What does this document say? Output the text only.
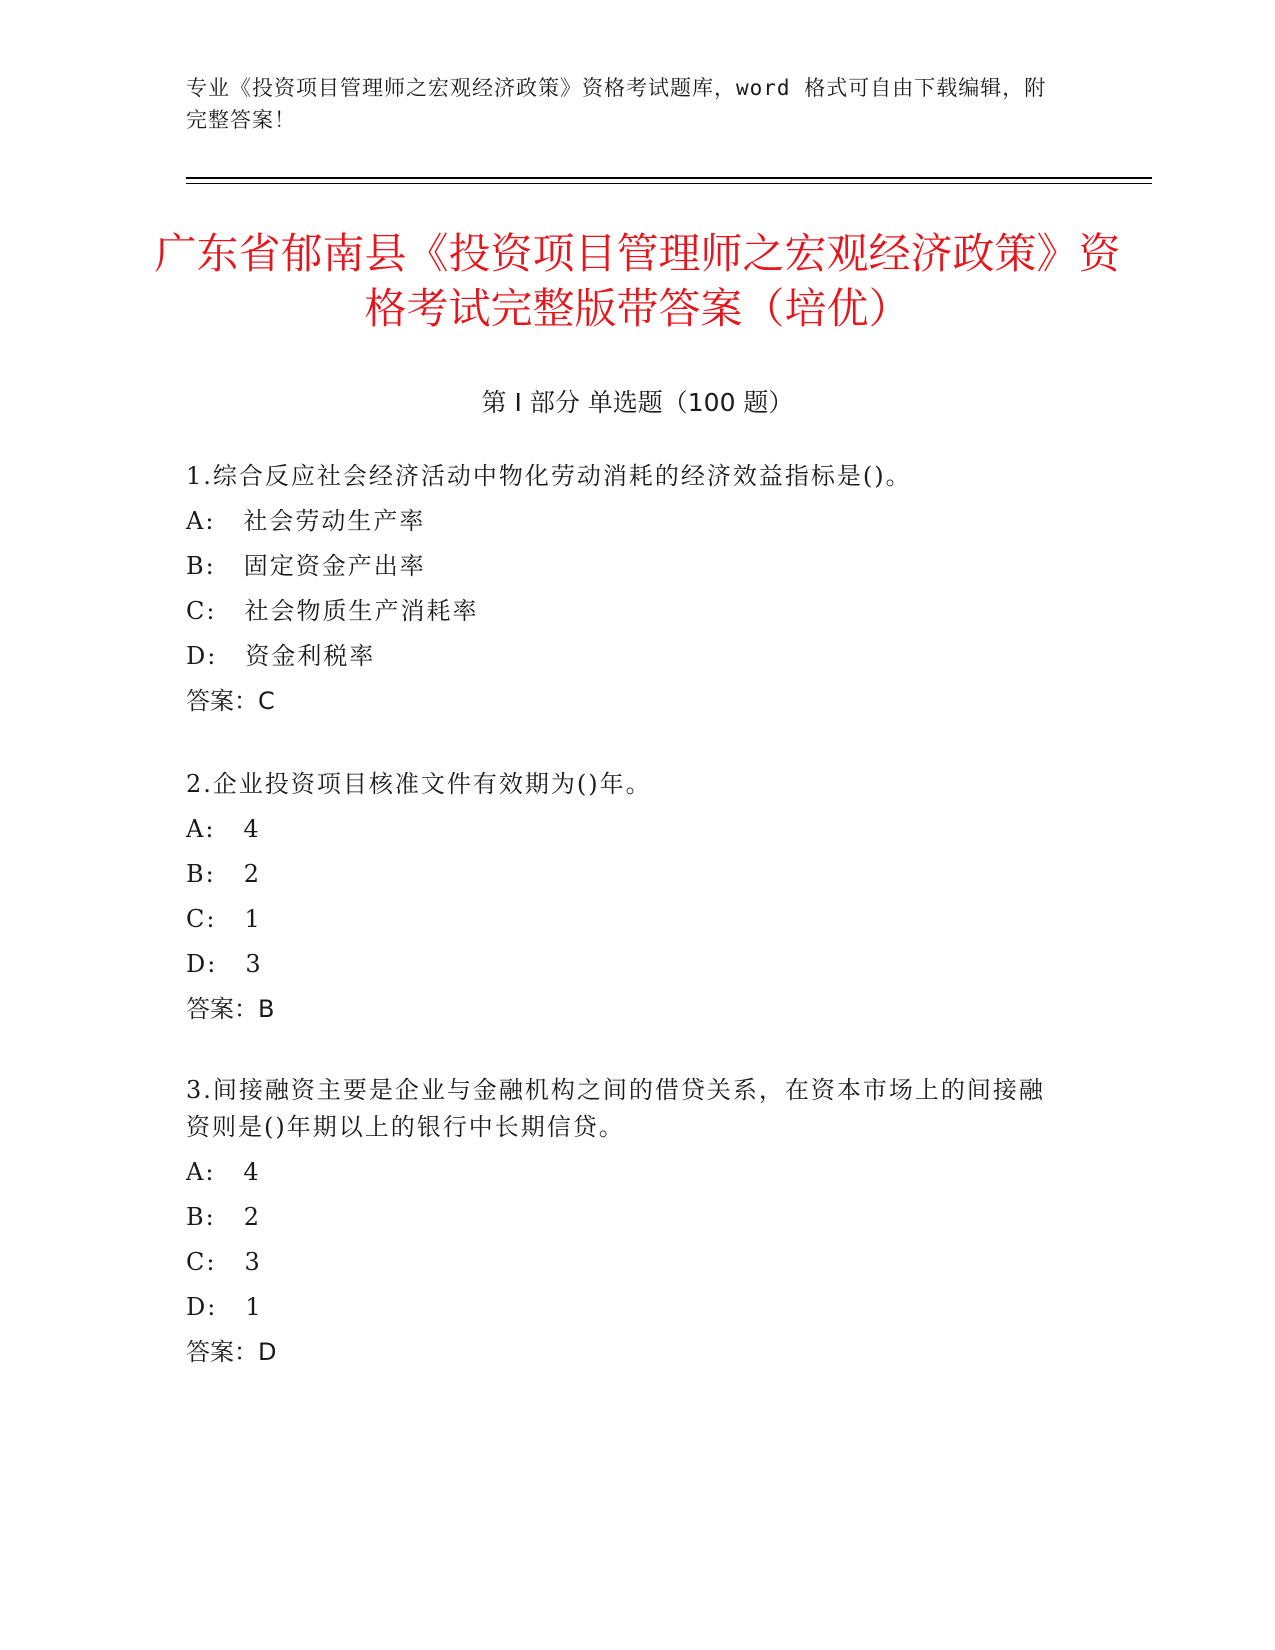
专业《投资项目管理师之宏观经济政策》资格考试题库，word 格式可自由下载编辑，附完整答案！
广东省郁南县《投资项目管理师之宏观经济政策》资格考试完整版带答案（培优）
第 I 部分 单选题（100 题）
1.综合反应社会经济活动中物化劳动消耗的经济效益指标是()。
A: 社会劳动生产率
B: 固定资金产出率
C: 社会物质生产消耗率
D: 资金利税率
答案：C
2.企业投资项目核准文件有效期为()年。
A: 4
B: 2
C: 1
D: 3
答案：B
3.间接融资主要是企业与金融机构之间的借贷关系，在资本市场上的间接融资则是()年期以上的银行中长期信贷。
A: 4
B: 2
C: 3
D: 1
答案：D
